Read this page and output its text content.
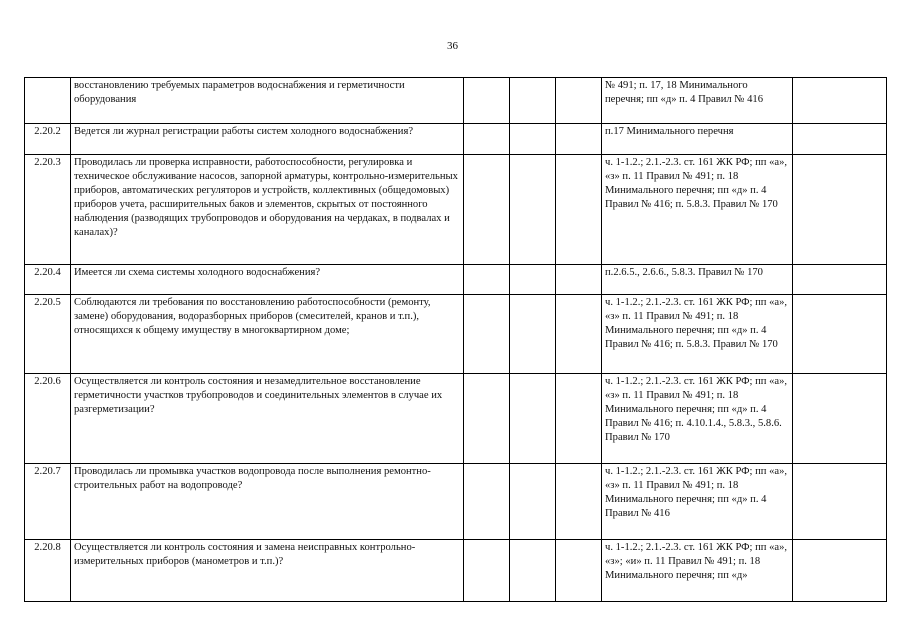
36
	восстановлению требуемых параметров водоснабжения и герметичности оборудования				№ 491; п. 17, 18 Минимального перечня; пп «д» п. 4 Правил № 416	
2.20.2	Ведется ли журнал регистрации работы систем холодного водоснабжения?				п.17 Минимального перечня	
2.20.3	Проводилась ли проверка исправности, работоспособности, регулировка и техническое обслуживание насосов, запорной арматуры, контрольно-измерительных приборов, автоматических регуляторов и устройств, коллективных (общедомовых) приборов учета, расширительных баков и элементов, скрытых от постоянного наблюдения (разводящих трубопроводов и оборудования на чердаках, в подвалах и каналах)?				ч. 1-1.2.; 2.1.-2.3. ст. 161 ЖК РФ; пп «а», «з» п. 11 Правил № 491; п. 18 Минимального перечня; пп «д» п. 4 Правил № 416; п. 5.8.3. Правил № 170	
2.20.4	Имеется ли схема системы холодного водоснабжения?				п.2.6.5., 2.6.6., 5.8.3. Правил № 170	
2.20.5	Соблюдаются ли требования по восстановлению работоспособности (ремонту, замене) оборудования, водоразборных приборов (смесителей, кранов и т.п.), относящихся к общему имуществу в многоквартирном доме;				ч. 1-1.2.; 2.1.-2.3. ст. 161 ЖК РФ; пп «а», «з» п. 11 Правил № 491; п. 18 Минимального перечня; пп «д» п. 4 Правил № 416; п. 5.8.3. Правил № 170	
2.20.6	Осуществляется ли контроль состояния и незамедлительное восстановление герметичности участков трубопроводов и соединительных элементов в случае их разгерметизации?				ч. 1-1.2.; 2.1.-2.3. ст. 161 ЖК РФ; пп «а», «з» п. 11 Правил № 491; п. 18 Минимального перечня; пп «д» п. 4 Правил № 416; п. 4.10.1.4., 5.8.3., 5.8.6. Правил № 170	
2.20.7	Проводилась ли промывка участков водопровода после выполнения ремонтно-строительных работ на водопроводе?				ч. 1-1.2.; 2.1.-2.3. ст. 161 ЖК РФ; пп «а», «з» п. 11 Правил № 491; п. 18 Минимального перечня; пп «д» п. 4 Правил № 416	
2.20.8	Осуществляется ли контроль состояния и замена неисправных контрольно-измерительных приборов (манометров и т.п.)?				ч. 1-1.2.; 2.1.-2.3. ст. 161 ЖК РФ; пп «а», «з»; «и» п. 11 Правил № 491; п. 18 Минимального перечня; пп «д»	
